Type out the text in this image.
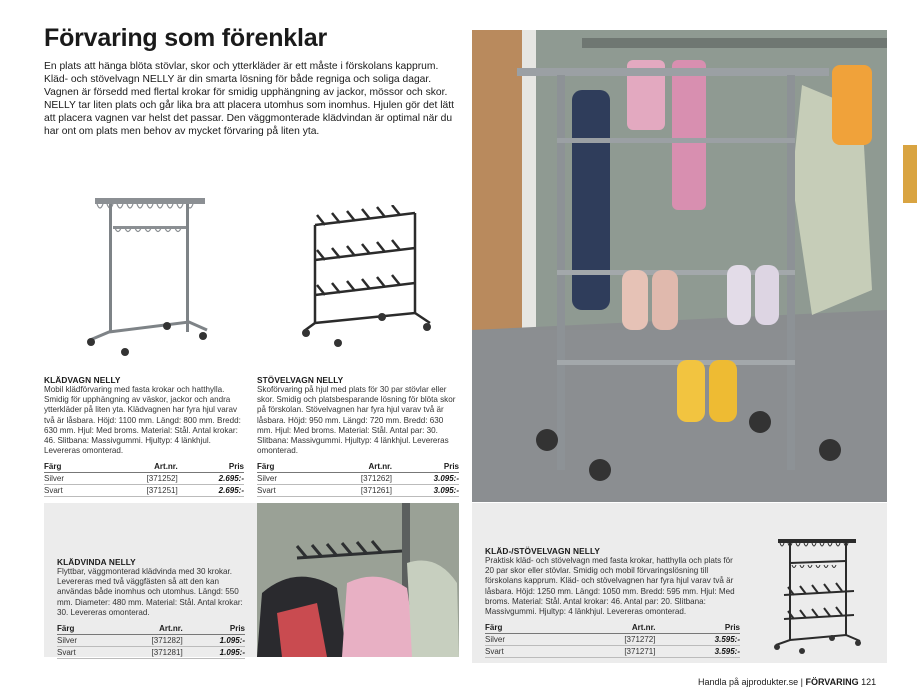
Förvaring som förenklar

En plats att hänga blöta stövlar, skor och ytterkläder är ett måste i förskolans kapprum. Kläd- och stövelvagn NELLY är din smarta lösning för både regniga och soliga dagar. Vagnen är försedd med flertal krokar för smidig upphängning av jackor, mössor och skor. NELLY tar liten plats och går lika bra att placera utomhus som inomhus. Hjulen gör det lätt att placera vagnen var helst det passar. Den väggmonterade klädvindan är optimal när du har ont om plats men behov av mycket förvaring på liten yta.

KLÄDVAGN NELLY
Mobil klädförvaring med fasta krokar och hatthylla. Smidig för upphängning av väskor, jackor och andra ytterkläder på liten yta. Klädvagnen har fyra hjul varav två är låsbara. Höjd: 1100 mm. Längd: 800 mm. Bredd: 630 mm. Hjul: Med broms. Material: Stål. Antal krokar: 46. Slitbana: Massivgummi. Hjultyp: 4 länkhjul. Levereras omonterad.
Färg	Art.nr.	Pris
Silver	[371252]	2.695:-
Svart	[371251]	2.695:-
STÖVELVAGN NELLY
Skoförvaring på hjul med plats för 30 par stövlar eller skor. Smidig och platsbesparande lösning för blöta skor på förskolan. Stövelvagnen har fyra hjul varav två är låsbara. Höjd: 950 mm. Längd: 720 mm. Bredd: 630 mm. Hjul: Med broms. Material: Stål. Antal par: 30. Slitbana: Massivgummi. Hjultyp: 4 länkhjul. Levereras omonterad.
Färg	Art.nr.	Pris
Silver	[371262]	3.095:-
Svart	[371261]	3.095:-
KLÄDVINDA NELLY
Flyttbar, väggmonterad klädvinda med 30 krokar. Levereras med två väggfästen så att den kan användas både inomhus och utomhus. Längd: 550 mm. Diameter: 480 mm. Material: Stål. Antal krokar: 30. Levereras omonterad.
Färg	Art.nr.	Pris
Silver	[371282]	1.095:-
Svart	[371281]	1.095:-
KLÄD-/STÖVELVAGN NELLY
Praktisk kläd- och stövelvagn med fasta krokar, hatthylla och plats för 20 par skor eller stövlar. Smidig och mobil förvaringslösning till förskolans kapprum. Kläd- och stövelvagnen har fyra hjul varav två är låsbara. Höjd: 1250 mm. Längd: 1050 mm. Bredd: 595 mm. Hjul: Med broms. Material: Stål. Antal krokar: 46. Antal par: 20. Slitbana: Massivgummi. Hjultyp: 4 länkhjul. Levereras omonterad.
Färg	Art.nr.	Pris
Silver	[371272]	3.595:-
Svart	[371271]	3.595:-
Handla på ajprodukter.se | FÖRVARING 121
